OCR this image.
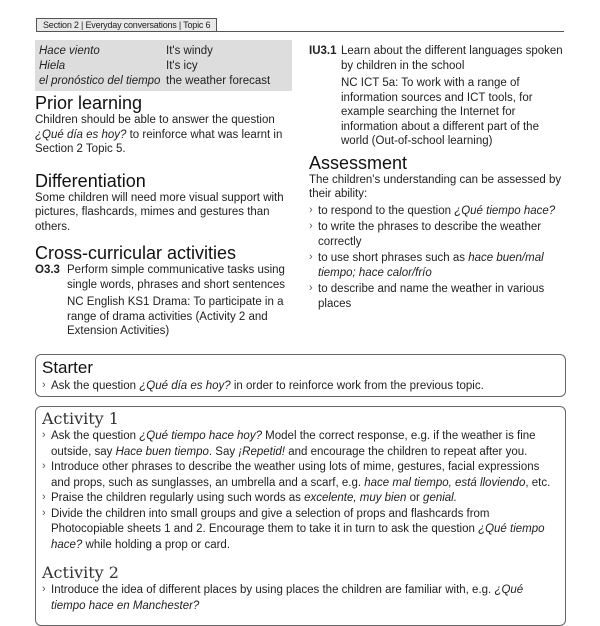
Section 2 | Everyday conversations | Topic 6
Hace viento	It's windy
Hiela	It's icy
el pronóstico del tiempo the weather forecast
Prior learning

Children should be able to answer the question ¿Qué día es hoy? to reinforce what was learnt in Section 2 Topic 5.

Differentiation

Some children will need more visual support with pictures, flashcards, mimes and gestures than others.

Cross-curricular activities
O3.3 Perform simple communicative tasks using single words, phrases and short sentences

NC English KS1 Drama: To participate in a range of drama activities (Activity 2 and Extension Activities)

IU3.1 Learn about the different languages spoken by children in the school

NC ICT 5a: To work with a range of information sources and ICT tools, for example searching the Internet for information about a different part of the world (Out-of-school learning)

Assessment

The children's understanding can be assessed by their ability:

› to respond to the question ¿Qué tiempo hace?
› to write the phrases to describe the weather correctly
› to use short phrases such as hace buen/mal tiempo; hace calor/frío
› to describe and name the weather in various places
Starter
› Ask the question ¿Qué día es hoy? in order to reinforce work from the previous topic.
Activity 1
› Ask the question ¿Qué tiempo hace hoy? Model the correct response, e.g. if the weather is fine outside, say Hace buen tiempo. Say ¡Repetid! and encourage the children to repeat after you.
› Introduce other phrases to describe the weather using lots of mime, gestures, facial expressions and props, such as sunglasses, an umbrella and a scarf, e.g. hace mal tiempo, está lloviendo, etc.
› Praise the children regularly using such words as excelente, muy bien or genial.
› Divide the children into small groups and give a selection of props and flashcards from Photocopiable sheets 1 and 2. Encourage them to take it in turn to ask the question ¿Qué tiempo hace? while holding a prop or card.
Activity 2
› Introduce the idea of different places by using places the children are familiar with, e.g. ¿Qué tiempo hace en Manchester?
